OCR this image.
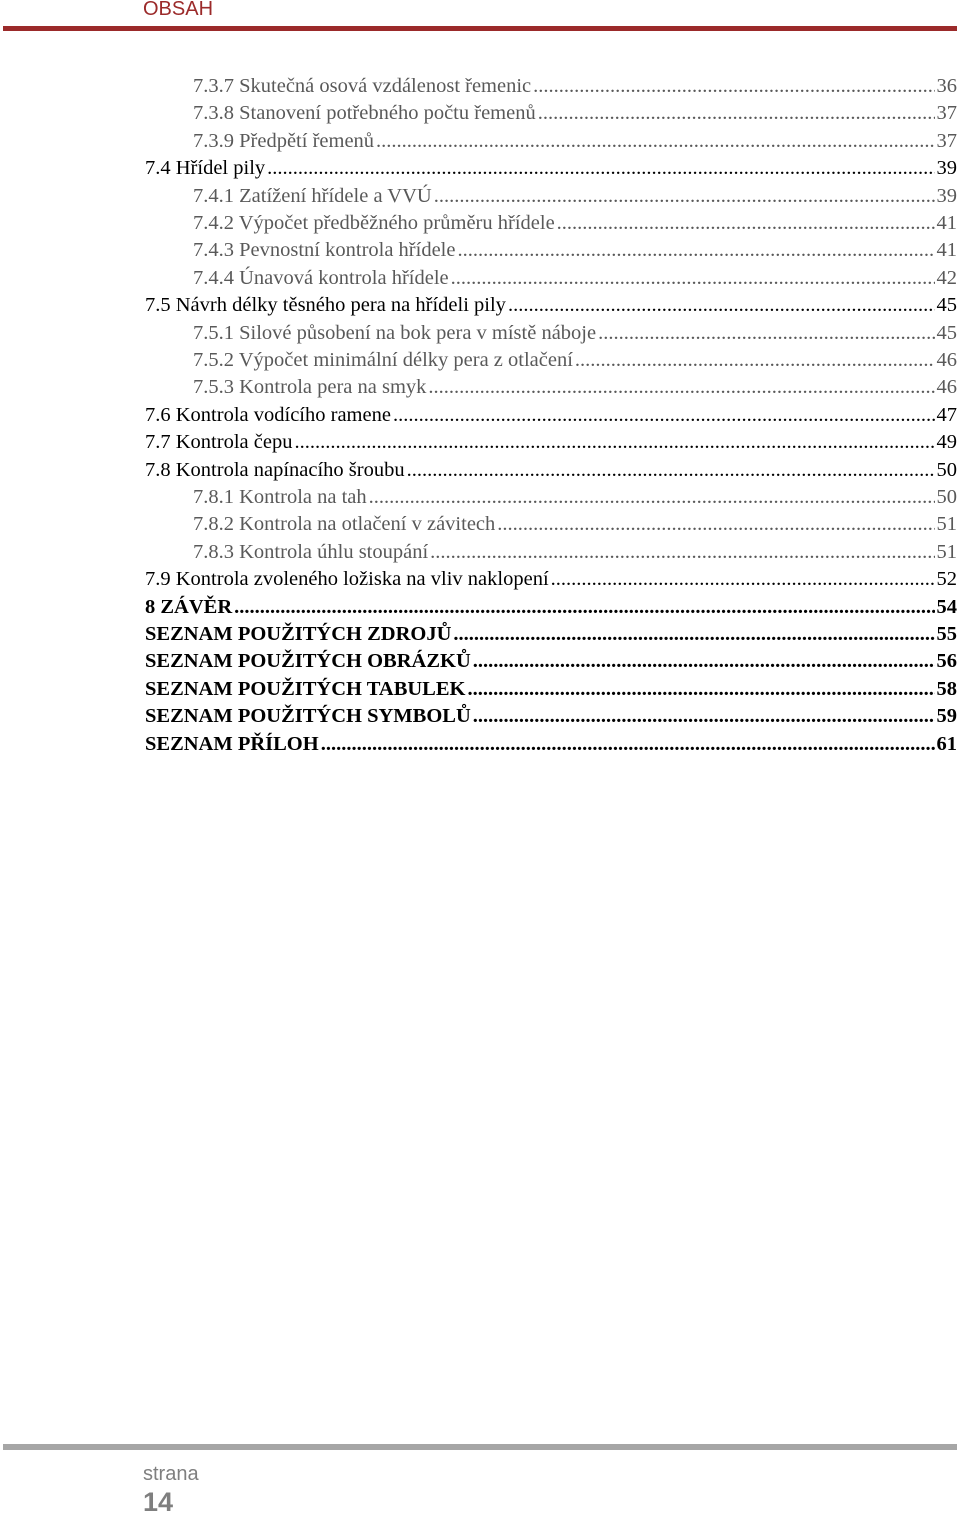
OBSAH
7.3.7 Skutečná osová vzdálenost řemenic .....	36
7.3.8 Stanovení potřebného počtu řemenů .....	37
7.3.9 Předpětí řemenů .....	37
7.4 Hřídel pily .....	39
7.4.1 Zatížení hřídele a VVÚ .....	39
7.4.2 Výpočet předběžného průměru hřídele .....	41
7.4.3 Pevnostní kontrola hřídele .....	41
7.4.4 Únavová kontrola hřídele .....	42
7.5 Návrh délky těsného pera na hřídeli pily .....	45
7.5.1 Silové působení na bok pera v místě náboje .....	45
7.5.2 Výpočet minimální délky pera z otlačení .....	46
7.5.3 Kontrola pera na smyk .....	46
7.6 Kontrola vodícího ramene .....	47
7.7 Kontrola čepu .....	49
7.8 Kontrola napínacího šroubu .....	50
7.8.1 Kontrola na tah .....	50
7.8.2 Kontrola na otlačení v závitech .....	51
7.8.3 Kontrola úhlu stoupání .....	51
7.9 Kontrola zvoleného ložiska na vliv naklopení .....	52
8 ZÁVĚR .....	54
SEZNAM POUŽITÝCH ZDROJŮ .....	55
SEZNAM POUŽITÝCH OBRÁZKŮ .....	56
SEZNAM POUŽITÝCH TABULEK .....	58
SEZNAM POUŽITÝCH SYMBOLŮ .....	59
SEZNAM PŘÍLOH .....	61
strana
14
